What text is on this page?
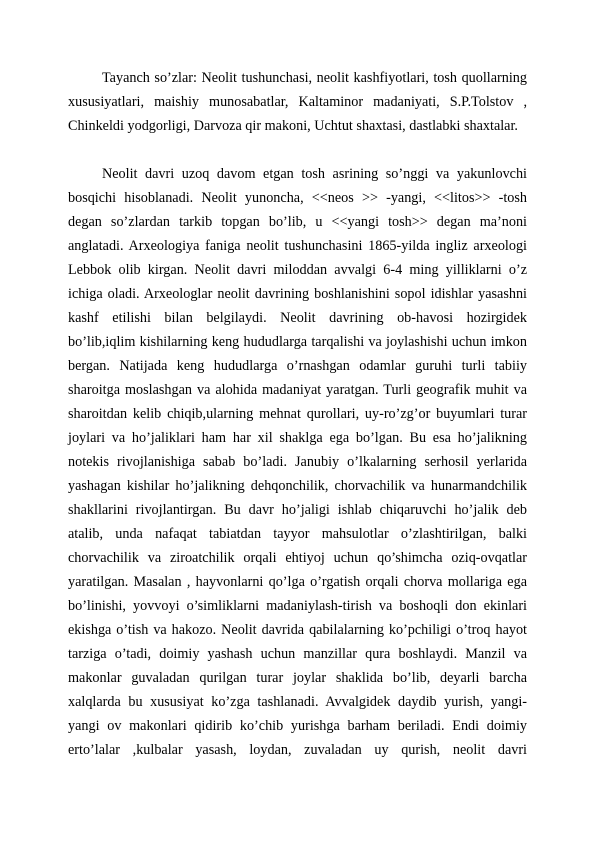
Tayanch so’zlar: Neolit tushunchasi, neolit kashfiyotlari, tosh quollarning
xususiyatlari, maishiy munosabatlar, Kaltaminor madaniyati, S.P.Tolstov ,
Chinkeldi yodgorligi, Darvoza qir makoni, Uchtut shaxtasi, dastlabki shaxtalar.
Neolit davri uzoq davom etgan tosh asrining so’nggi va yakunlovchi
bosqichi hisoblanadi. Neolit yunoncha, <<neos >> -yangi, <<litos>> -tosh
degan so’zlardan tarkib topgan bo’lib, u <<yangi tosh>> degan ma’noni
anglatadi. Arxeologiya faniga neolit tushunchasini 1865-yilda ingliz arxeologi
Lebbok olib kirgan. Neolit davri miloddan avvalgi 6-4 ming yilliklarni o’z
ichiga oladi. Arxeologlar neolit davrining boshlanishini sopol idishlar yasashni
kashf etilishi bilan belgilaydi. Neolit davrining ob-havosi hozirgidek
bo’lib,iqlim kishilarning keng hududlarga tarqalishi va joylashishi uchun imkon
bergan. Natijada keng hududlarga o’rnashgan odamlar guruhi turli tabiiy
sharoitga moslashgan va alohida madaniyat yaratgan. Turli geografik muhit va
sharoitdan kelib chiqib,ularning mehnat qurollari, uy-ro’zg’or buyumlari turar
joylari va ho’jaliklari ham har xil shaklga ega bo’lgan. Bu esa ho’jalikning
notekis rivojlanishiga sabab bo’ladi. Janubiy o’lkalarning serhosil yerlarida
yashagan kishilar ho’jalikning dehqonchilik, chorvachilik va hunarmandchilik
shakllarini rivojlantirgan. Bu davr ho’jaligi ishlab chiqaruvchi ho’jalik deb
atalib, unda nafaqat tabiatdan tayyor mahsulotlar o’zlashtirilgan, balki
chorvachilik va ziroatchilik orqali ehtiyoj uchun qo’shimcha oziq-ovqatlar
yaratilgan. Masalan , hayvonlarni qo’lga o’rgatish orqali chorva mollariga ega
bo’linishi, yovvoyi o’simliklarni madaniylash-tirish va boshoqli don ekinlari
ekishga o’tish va hakozo. Neolit davrida qabilalarning ko’pchiligi o’troq hayot
tarziga o’tadi, doimiy yashash uchun manzillar qura boshlaydi. Manzil va
makonlar guvaladan qurilgan turar joylar shaklida bo’lib, deyarli barcha
xalqlarda bu xususiyat ko’zga tashlanadi. Avvalgidek daydib yurish, yangi-
yangi ov makonlari qidirib ko’chib yurishga barham beriladi. Endi doimiy
erto’lalar ,kulbalar yasash, loydan, zuvaladan uy qurish, neolit davri
